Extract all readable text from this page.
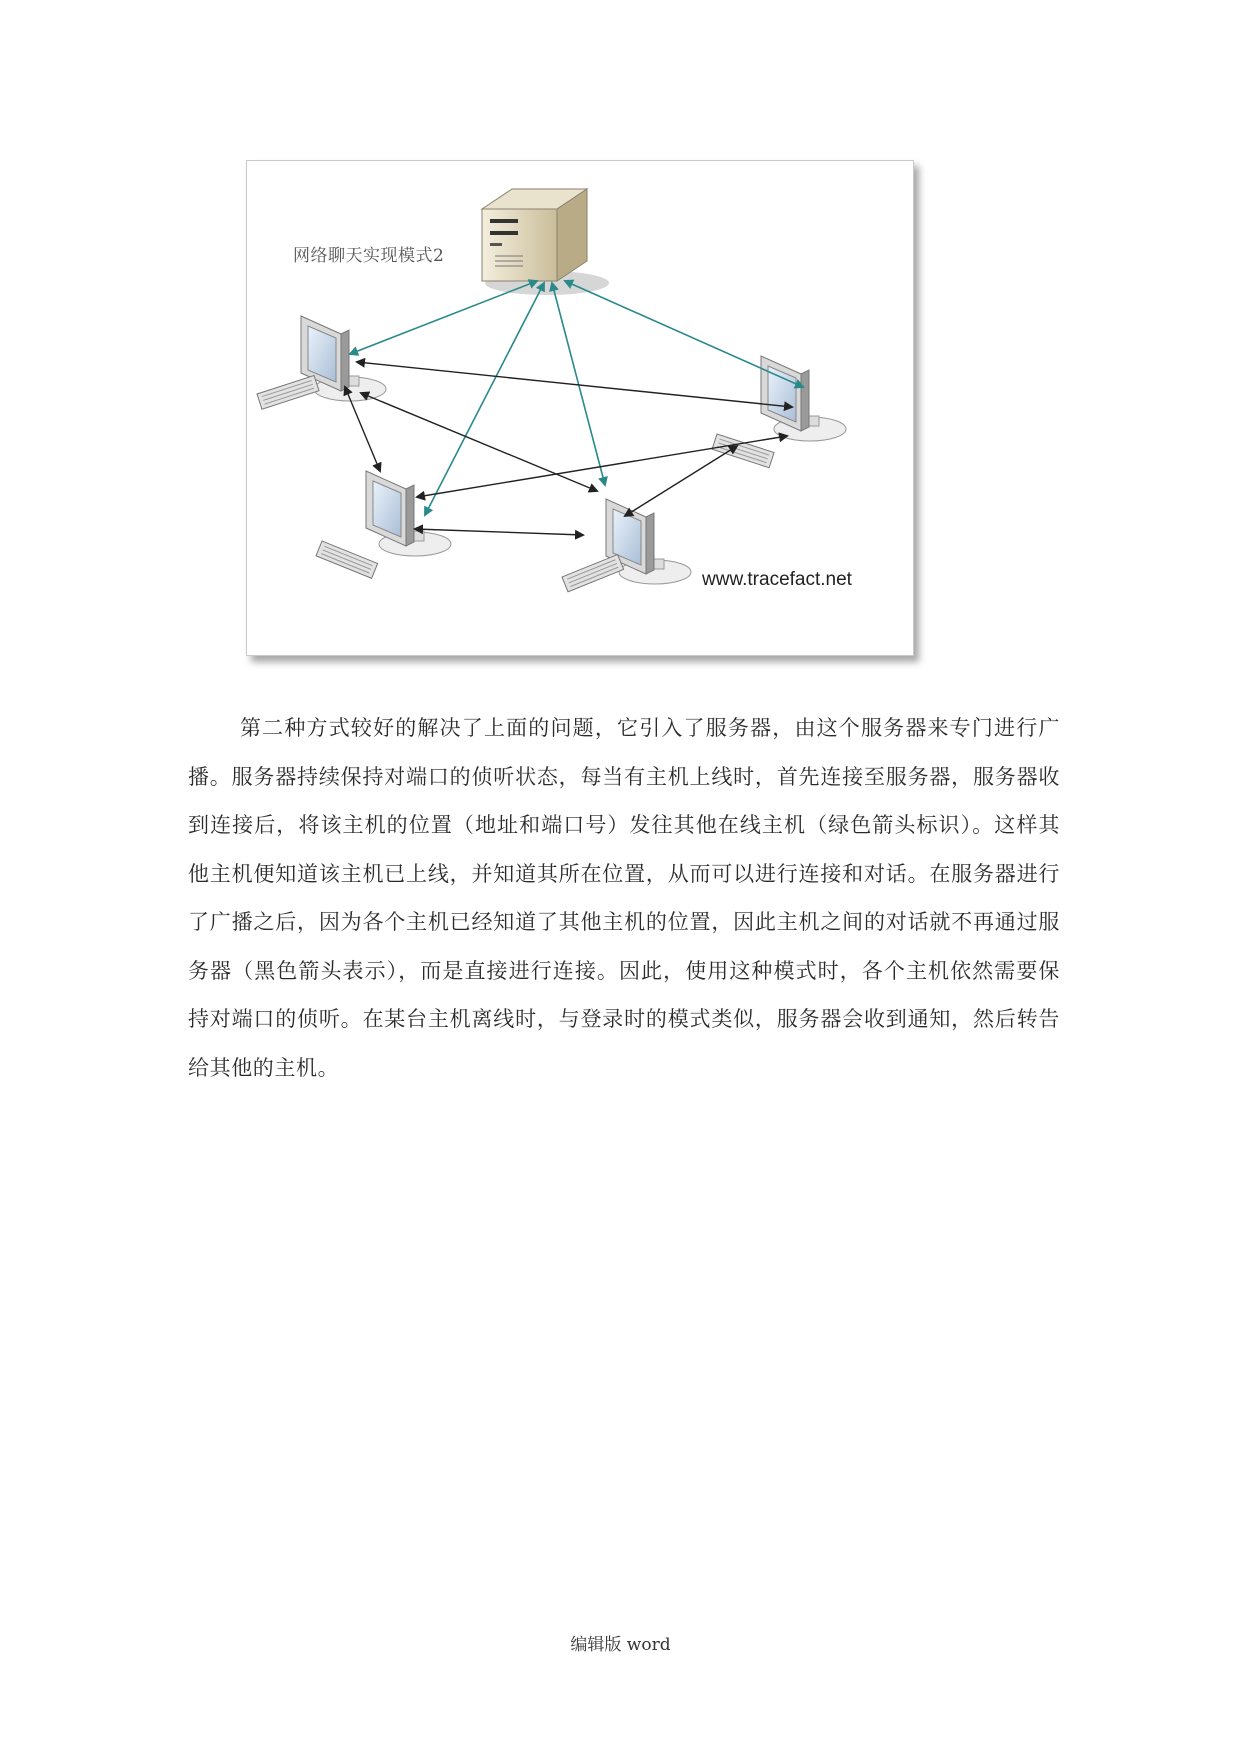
网络聊天实现模式2
www.tracefact.net

第二种方式较好的解决了上面的问题，它引入了服务器，由这个服务器来专门进行广播。服务器持续保持对端口的侦听状态，每当有主机上线时，首先连接至服务器，服务器收到连接后，将该主机的位置（地址和端口号）发往其他在线主机（绿色箭头标识）。这样其他主机便知道该主机已上线，并知道其所在位置，从而可以进行连接和对话。在服务器进行了广播之后，因为各个主机已经知道了其他主机的位置，因此主机之间的对话就不再通过服务器（黑色箭头表示），而是直接进行连接。因此，使用这种模式时，各个主机依然需要保持对端口的侦听。在某台主机离线时，与登录时的模式类似，服务器会收到通知，然后转告给其他的主机。

编辑版 word
